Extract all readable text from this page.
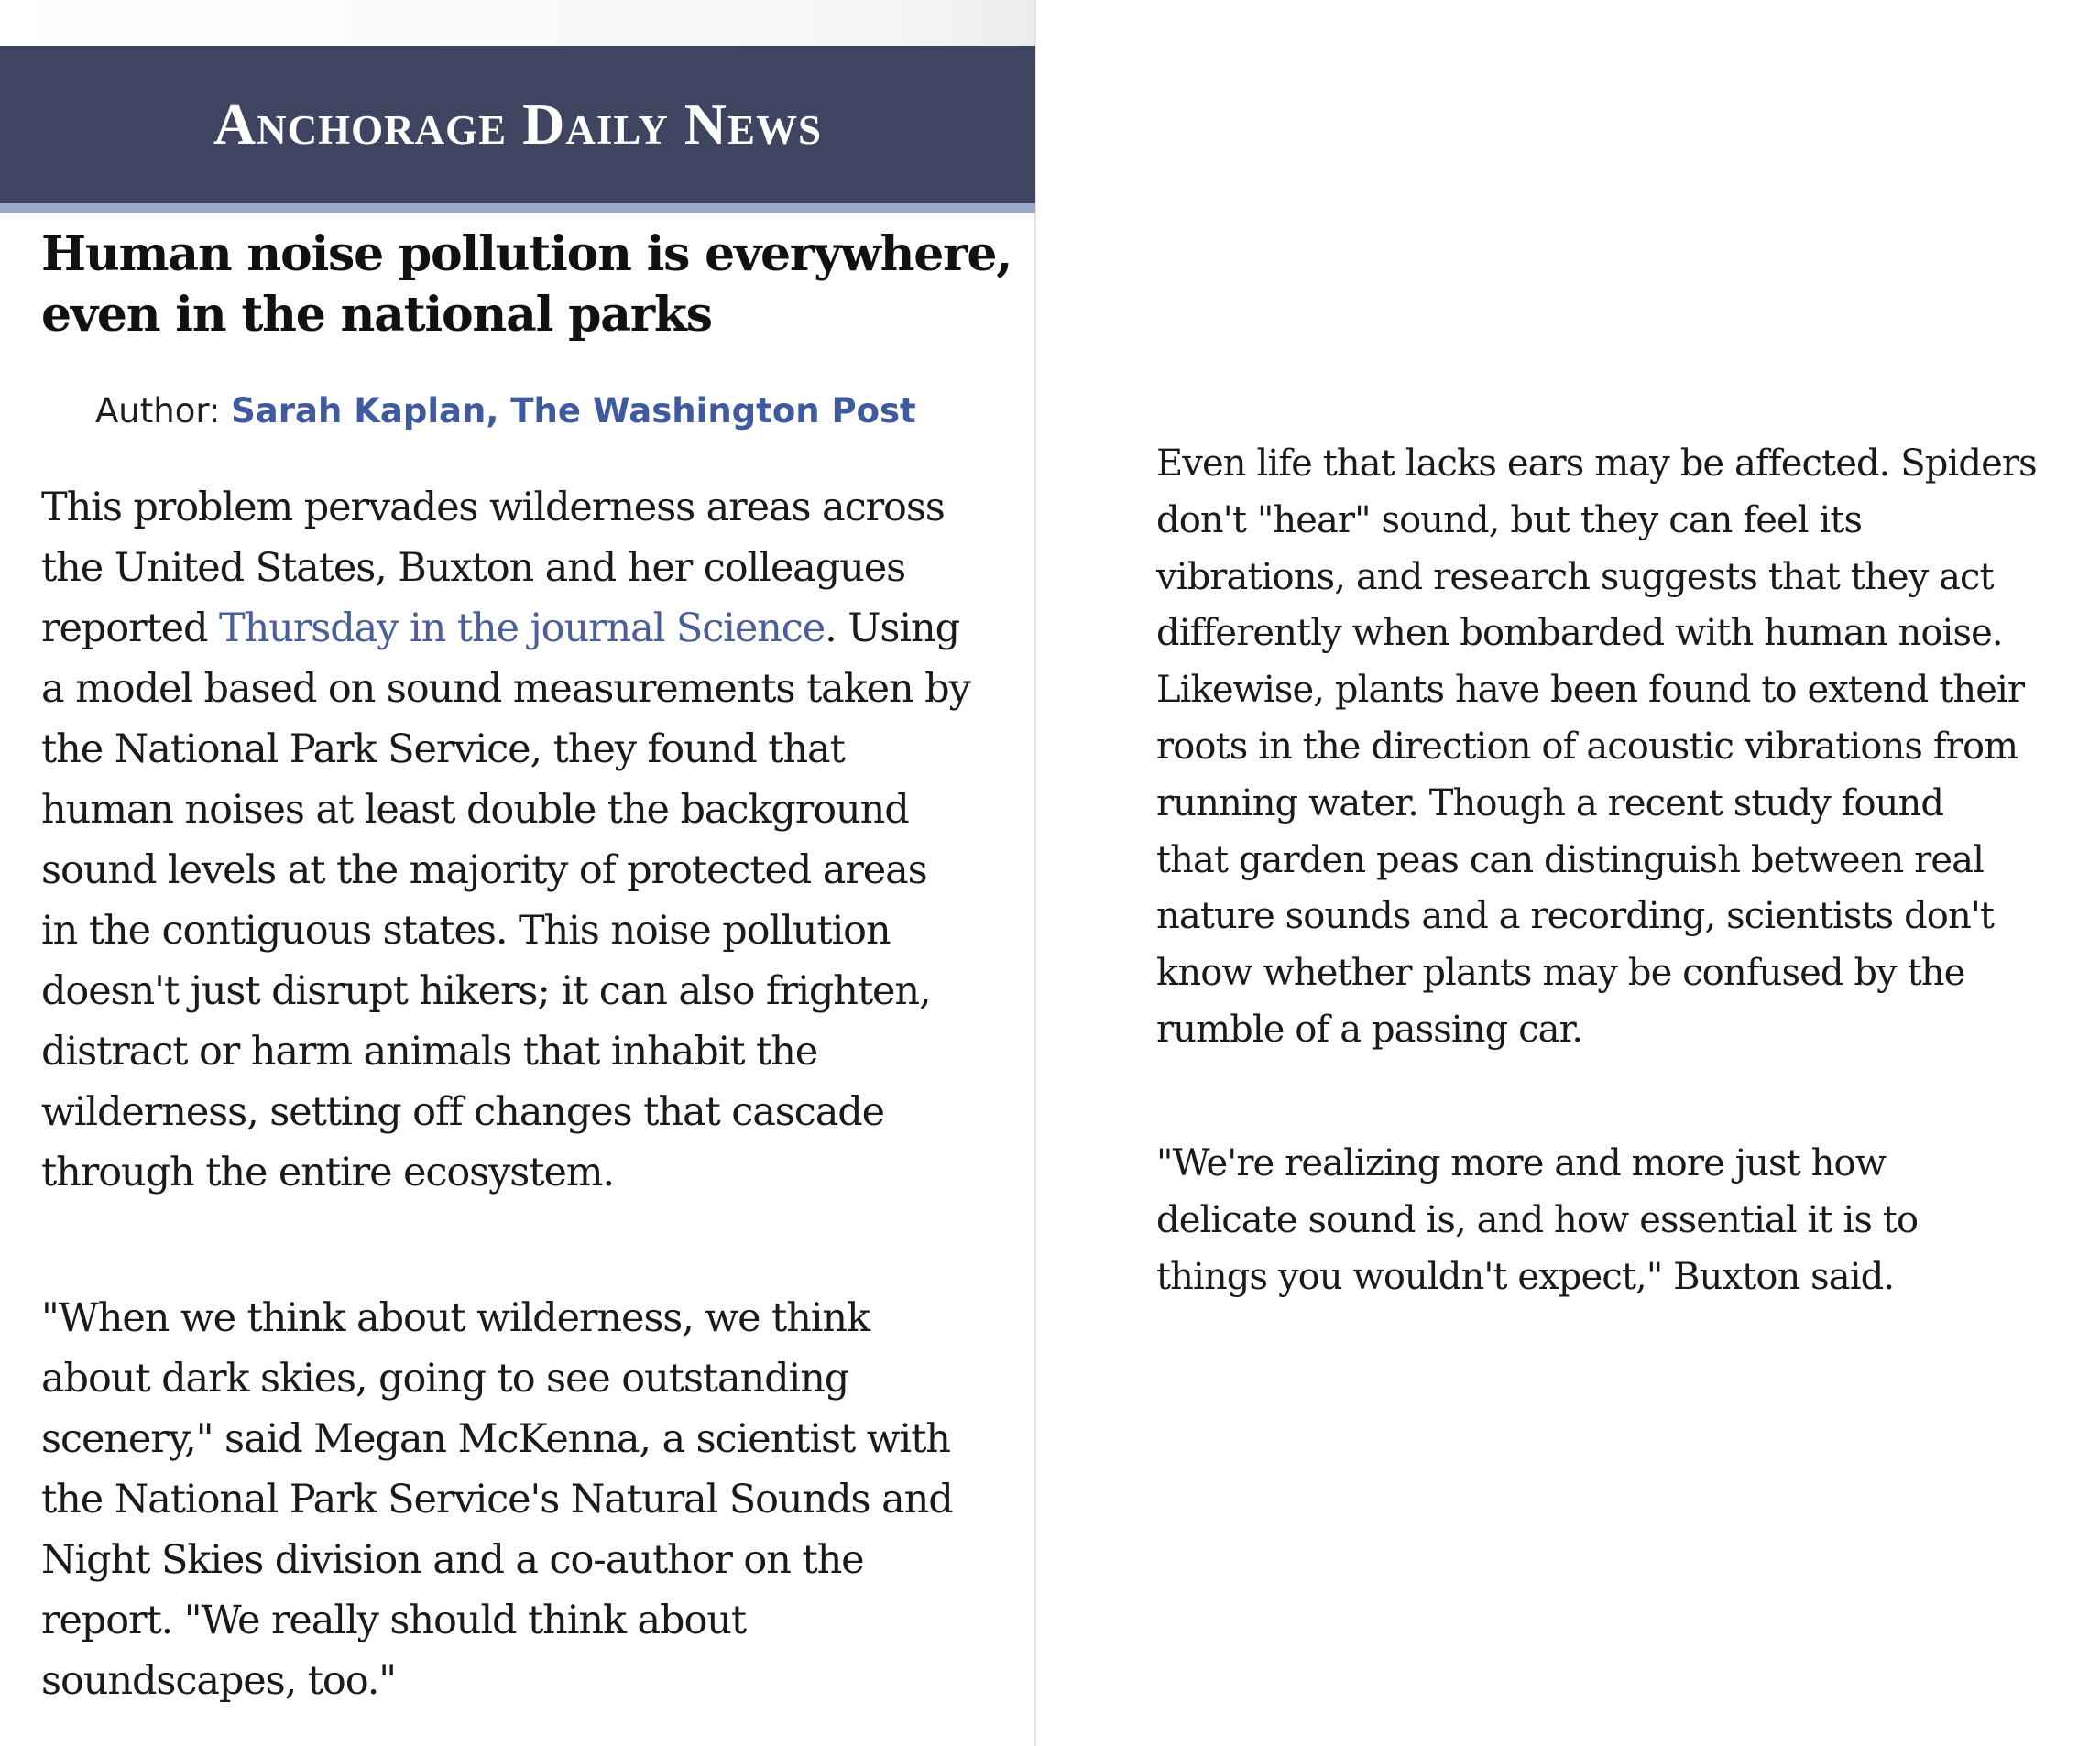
Anchorage Daily News
Human noise pollution is everywhere,
even in the national parks
Author: Sarah Kaplan, The Washington Post

This problem pervades wilderness areas across
the United States, Buxton and her colleagues
reported Thursday in the journal Science. Using
a model based on sound measurements taken by
the National Park Service, they found that
human noises at least double the background
sound levels at the majority of protected areas
in the contiguous states. This noise pollution
doesn't just disrupt hikers; it can also frighten,
distract or harm animals that inhabit the
wilderness, setting off changes that cascade
through the entire ecosystem.

"When we think about wilderness, we think
about dark skies, going to see outstanding
scenery," said Megan McKenna, a scientist with
the National Park Service's Natural Sounds and
Night Skies division and a co-author on the
report. "We really should think about
soundscapes, too."

Even life that lacks ears may be affected. Spiders
don't "hear" sound, but they can feel its
vibrations, and research suggests that they act
differently when bombarded with human noise.
Likewise, plants have been found to extend their
roots in the direction of acoustic vibrations from
running water. Though a recent study found
that garden peas can distinguish between real
nature sounds and a recording, scientists don't
know whether plants may be confused by the
rumble of a passing car.

"We're realizing more and more just how
delicate sound is, and how essential it is to
things you wouldn't expect," Buxton said.
